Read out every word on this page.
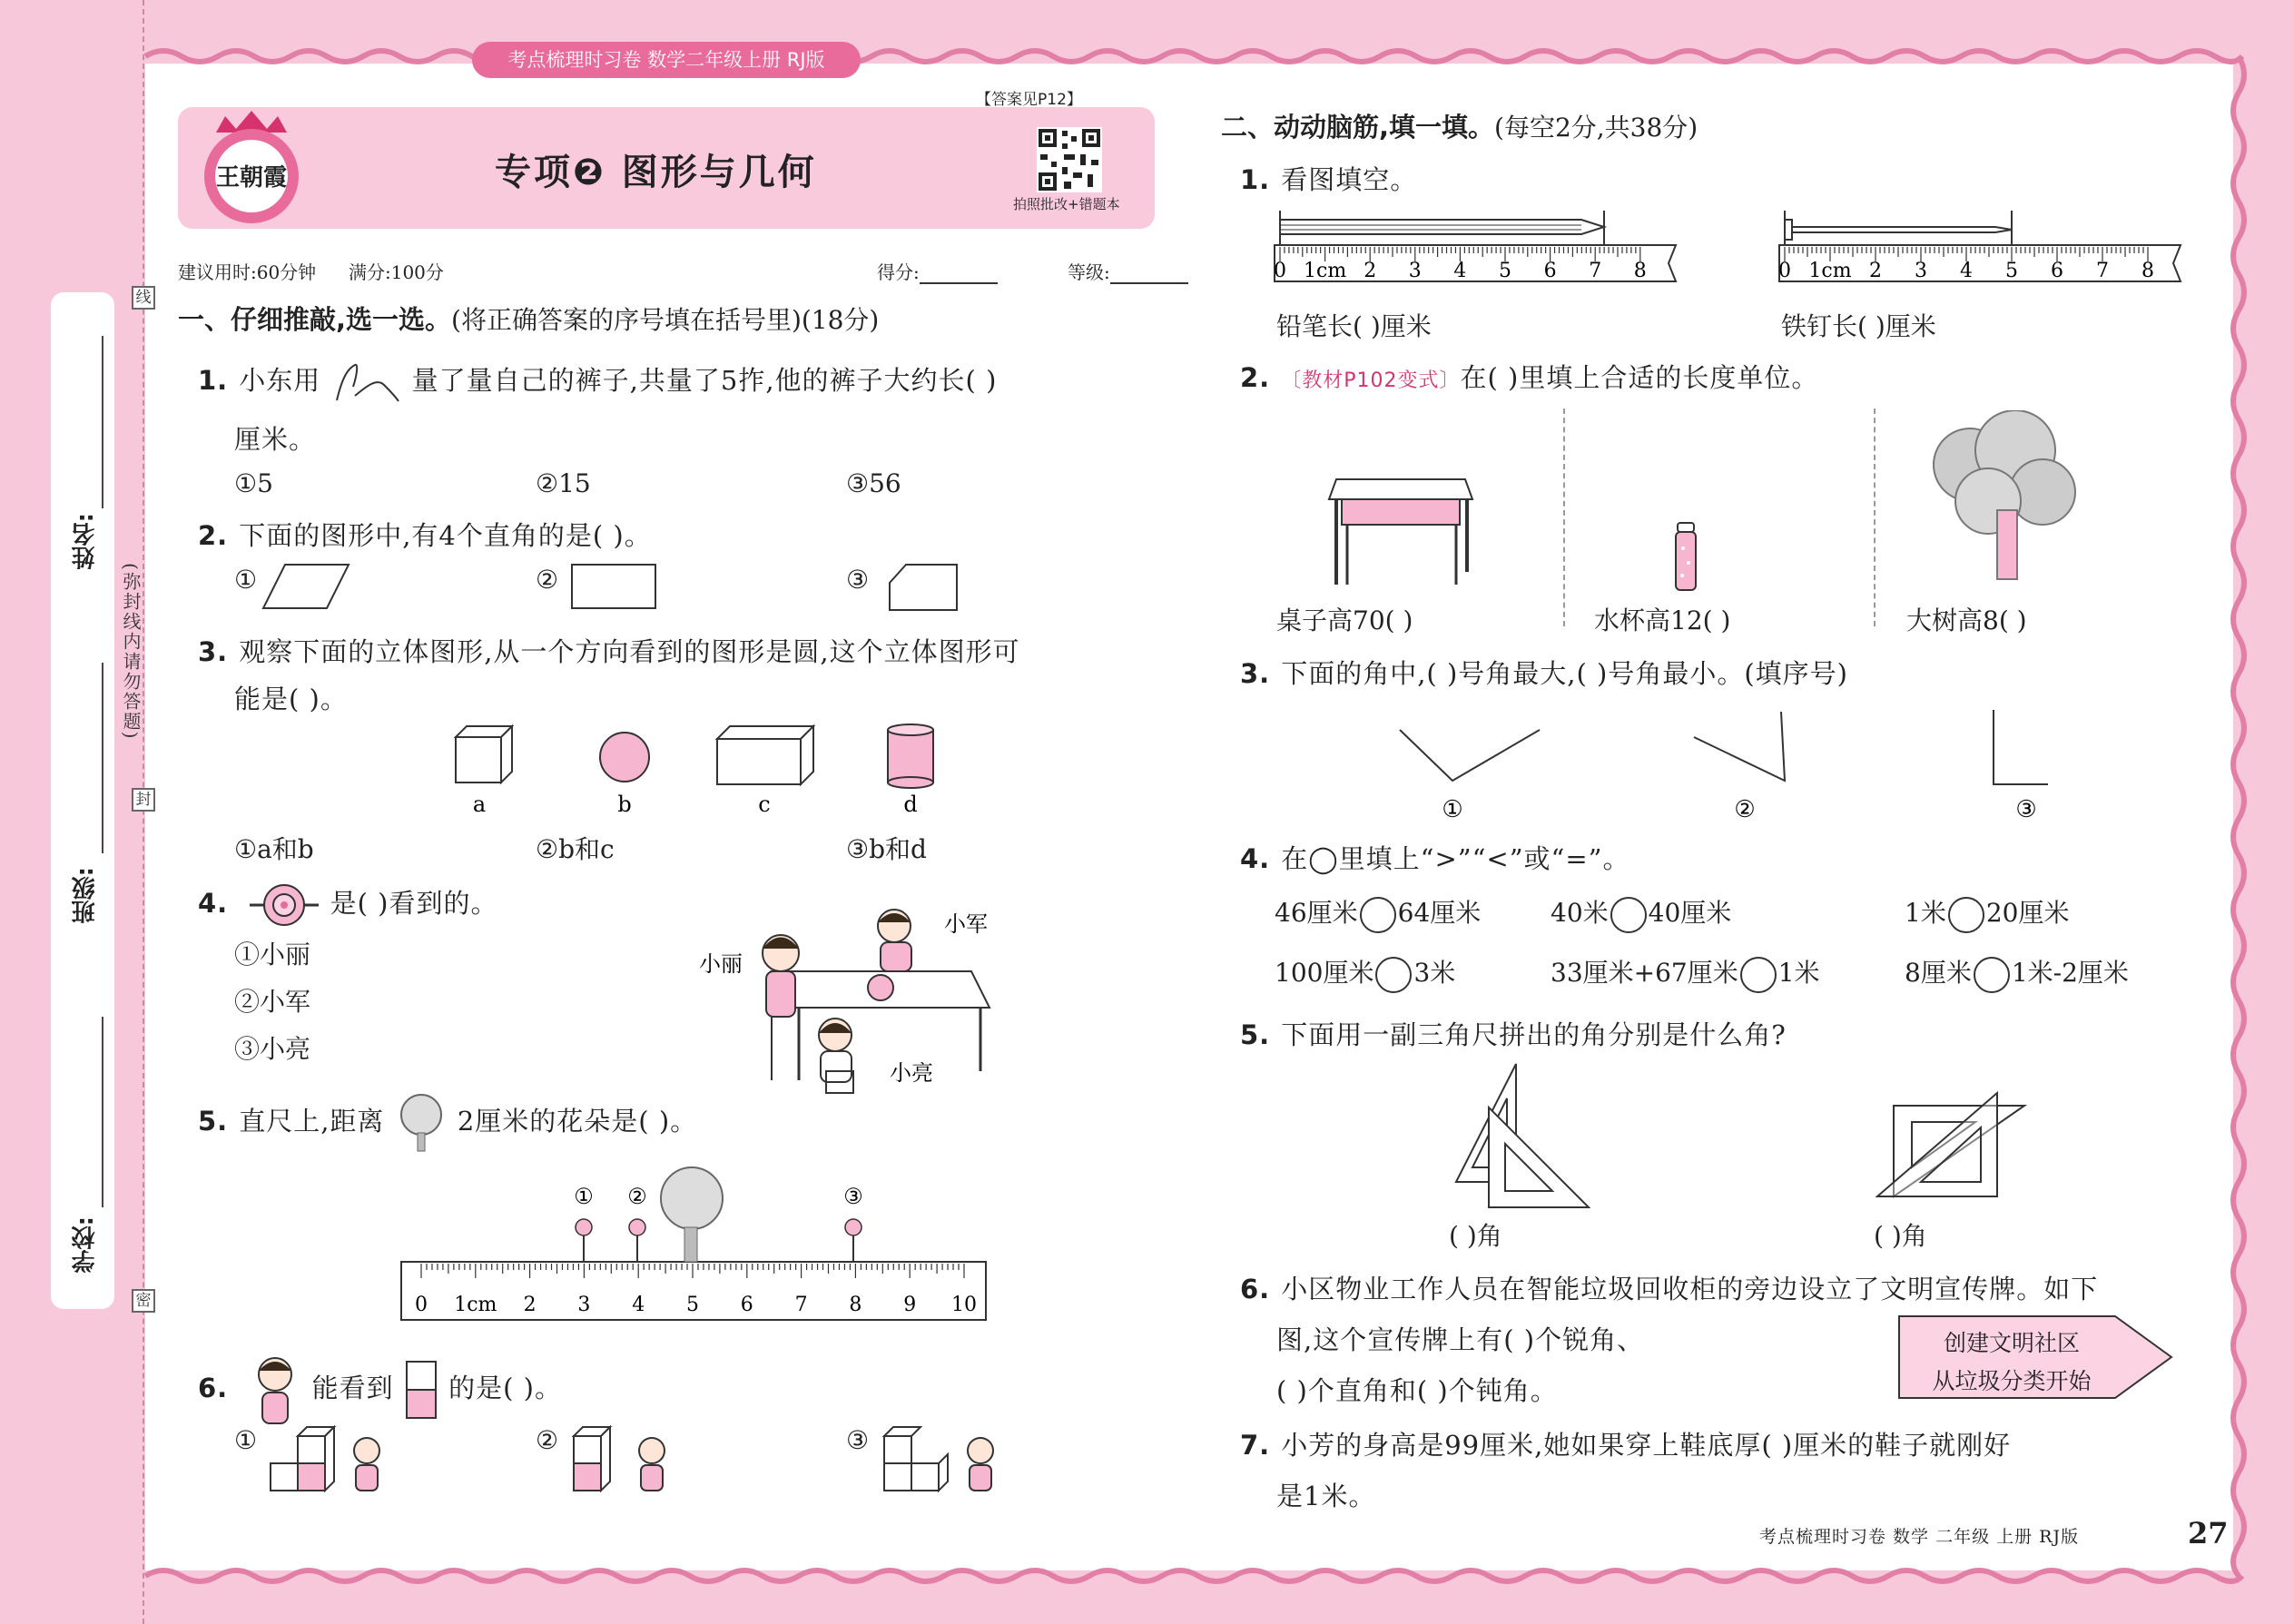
姓名:
班级:
学校:
线
封
密
(弥封线内请勿答题)
考点梳理时习卷 数学二年级上册 RJ版
王朝霞	专项❷ 图形与几何
【答案见P12】
拍照批改+错题本
建议用时:60分钟 满分:100分	得分:	等级:
一、仔细推敲,选一选。(将正确答案的序号填在括号里)(18分)
1. 小东用	量了量自己的裤子,共量了5拃,他的裤子大约长( )
厘米。
①5	②15	③56
2. 下面的图形中,有4个直角的是( )。
①	②	③
3. 观察下面的立体图形,从一个方向看到的图形是圆,这个立体图形可
能是( )。
a	b	c	d
①a和b	②b和c	③b和d
4.	是( )看到的。
①小丽
②小军
③小亮
小军
小丽
小亮
5. 直尺上,距离	2厘米的花朵是( )。
0 1cm 2 3 4 5 6 7 8 9 10
① ②	③
6.	能看到 的是( )。
①	②	③
二、动动脑筋,填一填。(每空2分,共38分)
1. 看图填空。
0 1cm 2 3 4 5 6 7 8	0 1cm 2 3 4 5 6 7 8
铅笔长( )厘米	铁钉长( )厘米
2. 〔教材P102变式〕在( )里填上合适的长度单位。
桌子高70( )	水杯高12( )	大树高8( )
3. 下面的角中,( )号角最大,( )号角最小。(填序号)
①	②	③
4. 在◯里填上“>”“<”或“=”。
46厘米 64厘米	40米 40厘米	1米 20厘米
100厘米 3米	33厘米+67厘米 1米	8厘米 1米-2厘米
5. 下面用一副三角尺拼出的角分别是什么角?
( )角	( )角
6. 小区物业工作人员在智能垃圾回收柜的旁边设立了文明宣传牌。如下
图,这个宣传牌上有( )个锐角、
( )个直角和( )个钝角。
创建文明社区
从垃圾分类开始
7. 小芳的身高是99厘米,她如果穿上鞋底厚( )厘米的鞋子就刚好
是1米。
考点梳理时习卷 数学 二年级 上册 RJ版	27
